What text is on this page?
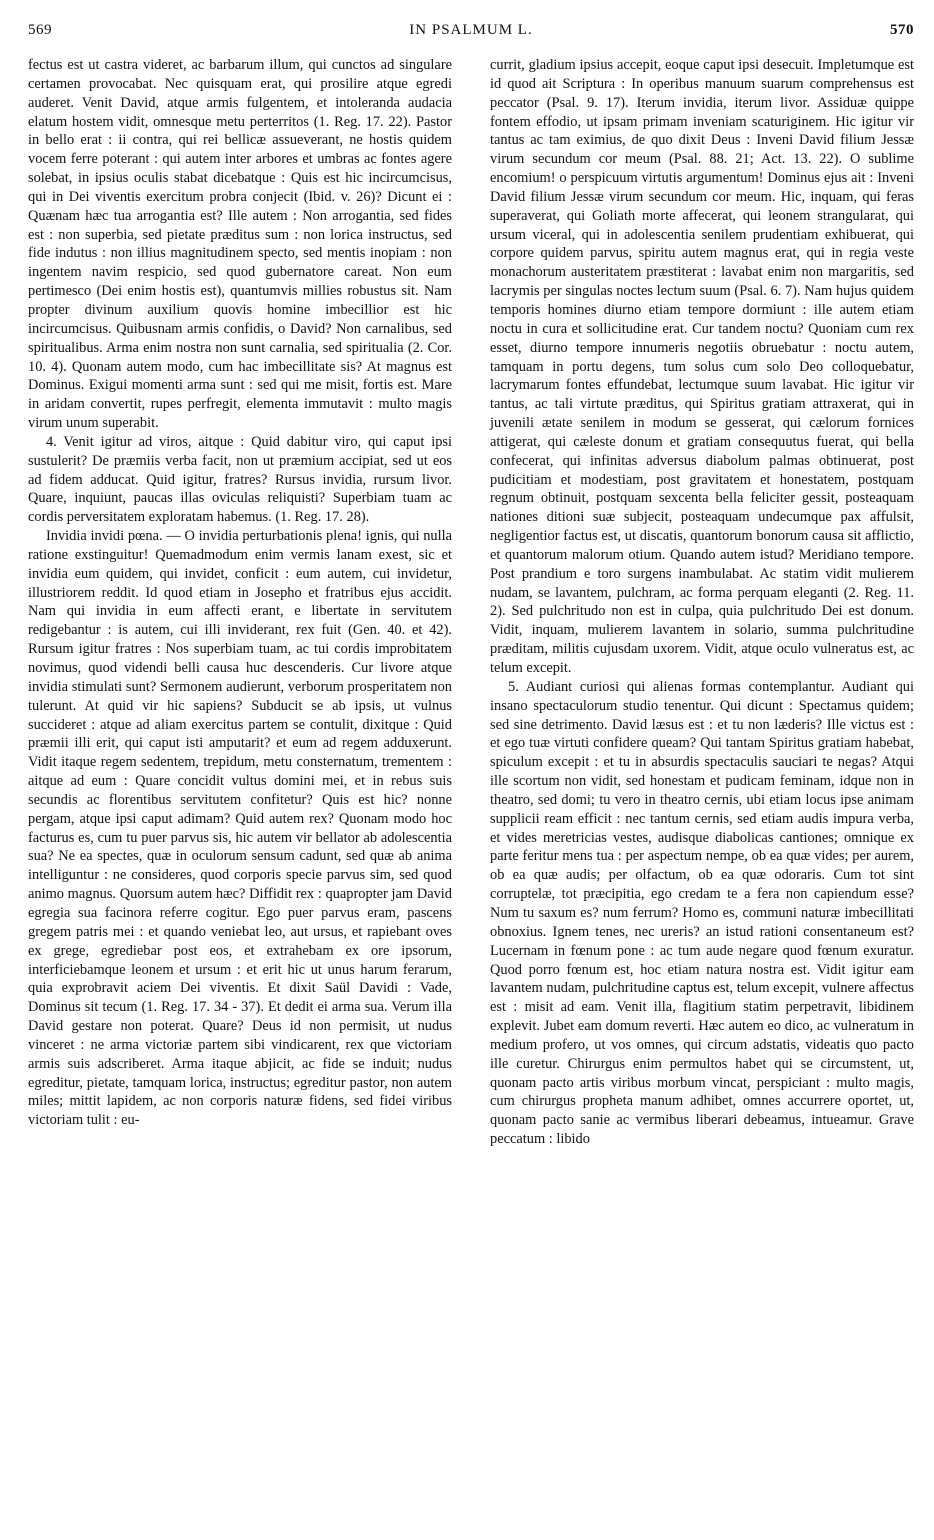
569	IN PSALMUM L.	570

fectus est ut castra videret, ac barbarum illum, qui cunctos ad singulare certamen provocabat. Nec quisquam erat, qui prosilire atque egredi auderet. Venit David, atque armis fulgentem, et intoleranda audacia elatum hostem vidit, omnesque metu perterritos (1. Reg. 17. 22). Pastor in bello erat : ii contra, qui rei bellicæ assueverant, ne hostis quidem vocem ferre poterant : qui autem inter arbores et umbras ac fontes agere solebat, in ipsius oculis stabat dicebatque : Quis est hic incircumcisus, qui in Dei viventis exercitum probra conjecit (Ibid. v. 26)? Dicunt ei : Quænam hæc tua arrogantia est? Ille autem : Non arrogantia, sed fides est : non superbia, sed pietate præditus sum : non lorica instructus, sed fide indutus : non illius magnitudinem specto, sed mentis inopiam : non ingentem navim respicio, sed quod gubernatore careat. Non eum pertimesco (Dei enim hostis est), quantumvis millies robustus sit. Nam propter divinum auxilium quovis homine imbecillior est hic incircumcisus. Quibusnam armis confidis, o David? Non carnalibus, sed spiritualibus. Arma enim nostra non sunt carnalia, sed spiritualia (2. Cor. 10. 4). Quonam autem modo, cum hac imbecillitate sis? At magnus est Dominus. Exigui momenti arma sunt : sed qui me misit, fortis est. Mare in aridam convertit, rupes perfregit, elementa immutavit : multo magis virum unum superabit.

4. Venit igitur ad viros, aitque : Quid dabitur viro, qui caput ipsi sustulerit? De præmiis verba facit, non ut præmium accipiat, sed ut eos ad fidem adducat. Quid igitur, fratres? Rursus invidia, rursum livor. Quare, inquiunt, paucas illas oviculas reliquisti? Superbiam tuam ac cordis perversitatem exploratam habemus. (1. Reg. 17. 28).

Invidia invidi pœna. — O invidia perturbationis plena! ignis, qui nulla ratione exstinguitur! Quemadmodum enim vermis lanam exest, sic et invidia eum quidem, qui invidet, conficit : eum autem, cui invidetur, illustriorem reddit. Id quod etiam in Josepho et fratribus ejus accidit. Nam qui invidia in eum affecti erant, e libertate in servitutem redigebantur : is autem, cui illi inviderant, rex fuit (Gen. 40. et 42). Rursum igitur fratres : Nos superbiam tuam, ac tui cordis improbitatem novimus, quod videndi belli causa huc descenderis. Cur livore atque invidia stimulati sunt? Sermonem audierunt, verborum prosperitatem non tulerunt. At quid vir hic sapiens? Subducit se ab ipsis, ut vulnus succideret : atque ad aliam exercitus partem se contulit, dixitque : Quid præmii illi erit, qui caput isti amputarit? et eum ad regem adduxerunt. Vidit itaque regem sedentem, trepidum, metu consternatum, trementem : aitque ad eum : Quare concidit vultus domini mei, et in rebus suis secundis ac florentibus servitutem confitetur? Quis est hic? nonne pergam, atque ipsi caput adimam? Quid autem rex? Quonam modo hoc facturus es, cum tu puer parvus sis, hic autem vir bellator ab adolescentia sua? Ne ea spectes, quæ in oculorum sensum cadunt, sed quæ ab anima intelliguntur : ne consideres, quod corporis specie parvus sim, sed quod animo magnus. Quorsum autem hæc? Diffidit rex : quapropter jam David egregia sua facinora referre cogitur. Ego puer parvus eram, pascens gregem patris mei : et quando veniebat leo, aut ursus, et rapiebant oves ex grege, egrediebar post eos, et extrahebam ex ore ipsorum, interficiebamque leonem et ursum : et erit hic ut unus harum ferarum, quia exprobravit aciem Dei viventis. Et dixit Saül Davidi : Vade, Dominus sit tecum (1. Reg. 17. 34 - 37). Et dedit ei arma sua. Verum illa David gestare non poterat. Quare? Deus id non permisit, ut nudus vinceret : ne arma victoriæ partem sibi vindicarent, rex que victoriam armis suis adscriberet. Arma itaque abjicit, ac fide se induit; nudus egreditur, pietate, tamquam lorica, instructus; egreditur pastor, non autem miles; mittit lapidem, ac non corporis naturæ fidens, sed fidei viribus victoriam tulit : eu-

currit, gladium ipsius accepit, eoque caput ipsi desecuit. Impletumque est id quod ait Scriptura : In operibus manuum suarum comprehensus est peccator (Psal. 9. 17). Iterum invidia, iterum livor. Assiduæ quippe fontem effodio, ut ipsam primam inveniam scaturiginem. Hic igitur vir tantus ac tam eximius, de quo dixit Deus : Inveni David filium Jessæ virum secundum cor meum (Psal. 88. 21; Act. 13. 22). O sublime encomium! o perspicuum virtutis argumentum! Dominus ejus ait : Inveni David filium Jessæ virum secundum cor meum. Hic, inquam, qui feras superaverat, qui Goliath morte affecerat, qui leonem strangularat, qui ursum viceral, qui in adolescentia senilem prudentiam exhibuerat, qui corpore quidem parvus, spiritu autem magnus erat, qui in regia veste monachorum austeritatem præstiterat : lavabat enim non margaritis, sed lacrymis per singulas noctes lectum suum (Psal. 6. 7). Nam hujus quidem temporis homines diurno etiam tempore dormiunt : ille autem etiam noctu in cura et sollicitudine erat. Cur tandem noctu? Quoniam cum rex esset, diurno tempore innumeris negotiis obruebatur : noctu autem, tamquam in portu degens, tum solus cum solo Deo colloquebatur, lacrymarum fontes effundebat, lectumque suum lavabat. Hic igitur vir tantus, ac tali virtute præditus, qui Spiritus gratiam attraxerat, qui in juvenili ætate senilem in modum se gesserat, qui cælorum fornices attigerat, qui cæleste donum et gratiam consequutus fuerat, qui bella confecerat, qui infinitas adversus diabolum palmas obtinuerat, post pudicitiam et modestiam, post gravitatem et honestatem, postquam regnum obtinuit, postquam sexcenta bella feliciter gessit, posteaquam nationes ditioni suæ subjecit, posteaquam undecumque pax affulsit, negligentior factus est, ut discatis, quantorum bonorum causa sit afflictio, et quantorum malorum otium. Quando autem istud? Meridiano tempore. Post prandium e toro surgens inambulabat. Ac statim vidit mulierem nudam, se lavantem, pulchram, ac forma perquam eleganti (2. Reg. 11. 2). Sed pulchritudo non est in culpa, quia pulchritudo Dei est donum. Vidit, inquam, mulierem lavantem in solario, summa pulchritudine præditam, militis cujusdam uxorem. Vidit, atque oculo vulneratus est, ac telum excepit.

5. Audiant curiosi qui alienas formas contemplantur. Audiant qui insano spectaculorum studio tenentur. Qui dicunt : Spectamus quidem; sed sine detrimento. David læsus est : et tu non læderis? Ille victus est : et ego tuæ virtuti confidere queam? Qui tantam Spiritus gratiam habebat, spiculum excepit : et tu in absurdis spectaculis sauciari te negas? Atqui ille scortum non vidit, sed honestam et pudicam feminam, idque non in theatro, sed domi; tu vero in theatro cernis, ubi etiam locus ipse animam supplicii ream efficit : nec tantum cernis, sed etiam audis impura verba, et vides meretricias vestes, audisque diabolicas cantiones; omnique ex parte feritur mens tua : per aspectum nempe, ob ea quæ vides; per aurem, ob ea quæ audis; per olfactum, ob ea quæ odoraris. Cum tot sint corruptelæ, tot præcipitia, ego credam te a fera non capiendum esse? Num tu saxum es? num ferrum? Homo es, communi naturæ imbecillitati obnoxius. Ignem tenes, nec ureris? an istud rationi consentaneum est? Lucernam in fœnum pone : ac tum aude negare quod fœnum exuratur. Quod porro fœnum est, hoc etiam natura nostra est. Vidit igitur eam lavantem nudam, pulchritudine captus est, telum excepit, vulnere affectus est : misit ad eam. Venit illa, flagitium statim perpetravit, libidinem explevit. Jubet eam domum reverti. Hæc autem eo dico, ac vulneratum in medium profero, ut vos omnes, qui circum adstatis, videatis quo pacto ille curetur. Chirurgus enim permultos habet qui se circumstent, ut, quonam pacto artis viribus morbum vincat, perspiciant : multo magis, cum chirurgus propheta manum adhibet, omnes accurrere oportet, ut, quonam pacto sanie ac vermibus liberari debeamus, intueamur. Grave peccatum : libido
